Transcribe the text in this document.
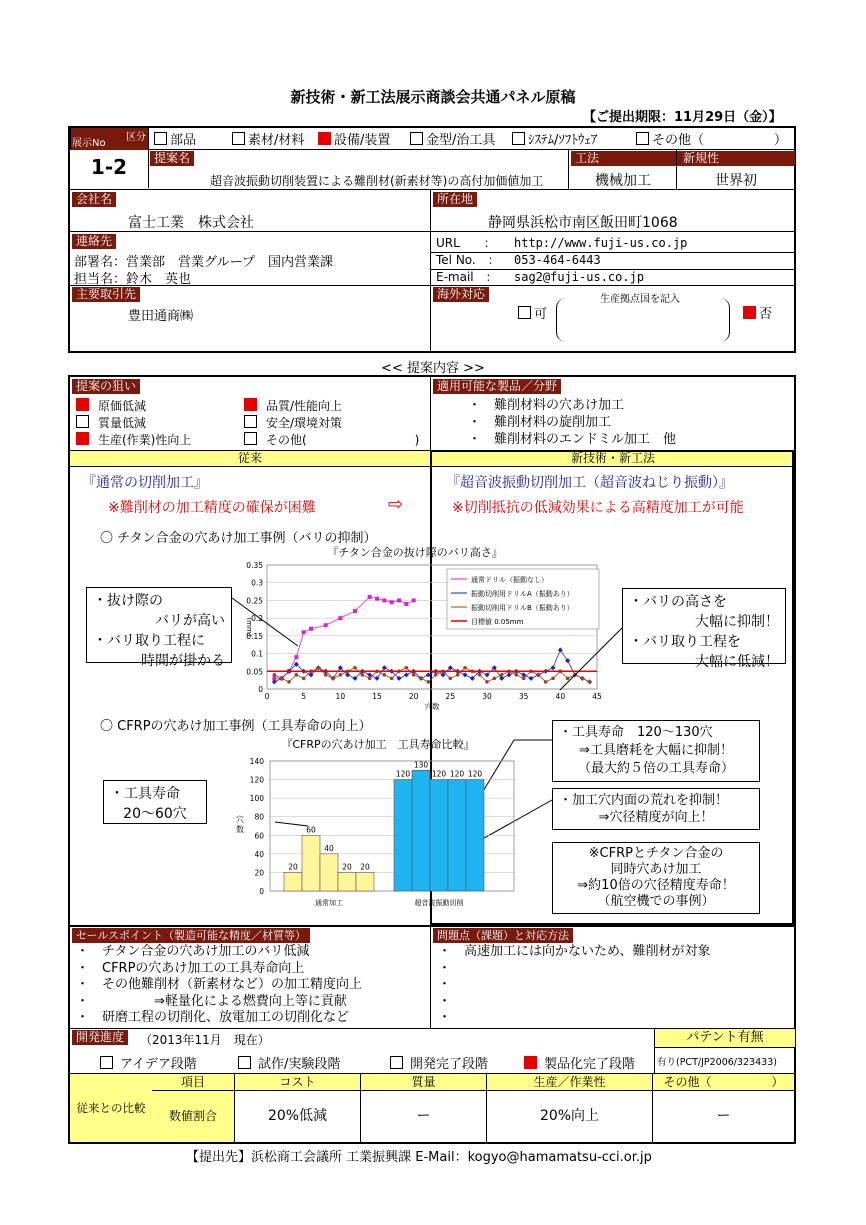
新技術・新工法展示商談会共通パネル原稿
【ご提出期限：11月29日（金）】
展示No
区分
1-2
部品	素材/材料	設備/装置	金型/治工具	ｼｽﾃﾑ/ｿﾌﾄｳｪｱ	その他（	）
提案名
超音波振動切削装置による難削材(新素材等)の高付加価値加工
工法
機械加工
新規性
世界初
会社名
富士工業　株式会社
所在地
静岡県浜松市南区飯田町1068
連絡先
部署名：営業部　営業グループ　国内営業課
担当名：鈴木　英也
URL　　： http://www.fuji-us.co.jp
Tel No.　： 053-464-6443
E-mail　： sag2@fuji-us.co.jp
主要取引先
豊田通商㈱
海外対応
可
生産拠点国を記入
否
<< 提案内容 >>
提案の狙い
原価低減	品質/性能向上
質量低減	安全/環境対策
生産(作業)性向上	その他(　　　　　　　　　)
適用可能な製品／分野
・　難削材料の穴あけ加工
・　難削材料の旋削加工
・　難削材料のエンドミル加工　他
従来	新技術・新工法
『通常の切削加工』	『超音波振動切削加工（超音波ねじり振動）』
※難削材の加工精度の確保が困難	⇨	※切削抵抗の低減効果による高精度加工が可能
〇 チタン合金の穴あけ加工事例（バリの抑制）
『チタン合金の抜け際のバリ高さ』
0
0.05
0.1
0.15
0.2
0.25
0.3
0.35
0	5	10	15	20	25	30	35	40	45
穴数
(mm)
通常ドリル（振動なし）
振動切削用ドリルA（振動あり）
振動切削用ドリルB（振動あり）
目標値 0.05mm
・抜け際の
バリが高い
・バリ取り工程に
時間が掛かる
・バリの高さを
大幅に抑制！
・バリ取り工程を
大幅に低減！
〇 CFRPの穴あけ加工事例（工具寿命の向上）
『CFRPの穴あけ加工　工具寿命比較』
0
20
40
60
80
100
120
140
穴
数
20
60
40
20 20
通常加工
120
130
120 120 120
超音波振動切削
・工具寿命
20～60穴
・工具寿命　120～130穴
⇒工具磨耗を大幅に抑制！
（最大約５倍の工具寿命）
・加工穴内面の荒れを抑制！
⇒穴径精度が向上！
※CFRPとチタン合金の
同時穴あけ加工
⇒約10倍の穴径精度寿命！
（航空機での事例）
セールスポイント（製造可能な精度／材質等）
・　チタン合金の穴あけ加工のバリ低減
・　CFRPの穴あけ加工の工具寿命向上
・　その他難削材（新素材など）の加工精度向上
・　　　　　⇒軽量化による燃費向上等に貢献
・　研磨工程の切削化、放電加工の切削化など
問題点（課題）と対応方法
・　高速加工には向かないため、難削材が対象
・
・
・
・
開発進度	（2013年11月　現在）	パテント有無
アイデア段階	試作/実験段階	開発完了段階	製品化完了段階 有り(PCT/JP2006/323433)
従来との比較
項目	コスト	質量	生産／作業性	その他（　　　　　）
数値割合	20%低減	ー	20%向上	ー
【提出先】浜松商工会議所 工業振興課 E-Mail：kogyo@hamamatsu-cci.or.jp
